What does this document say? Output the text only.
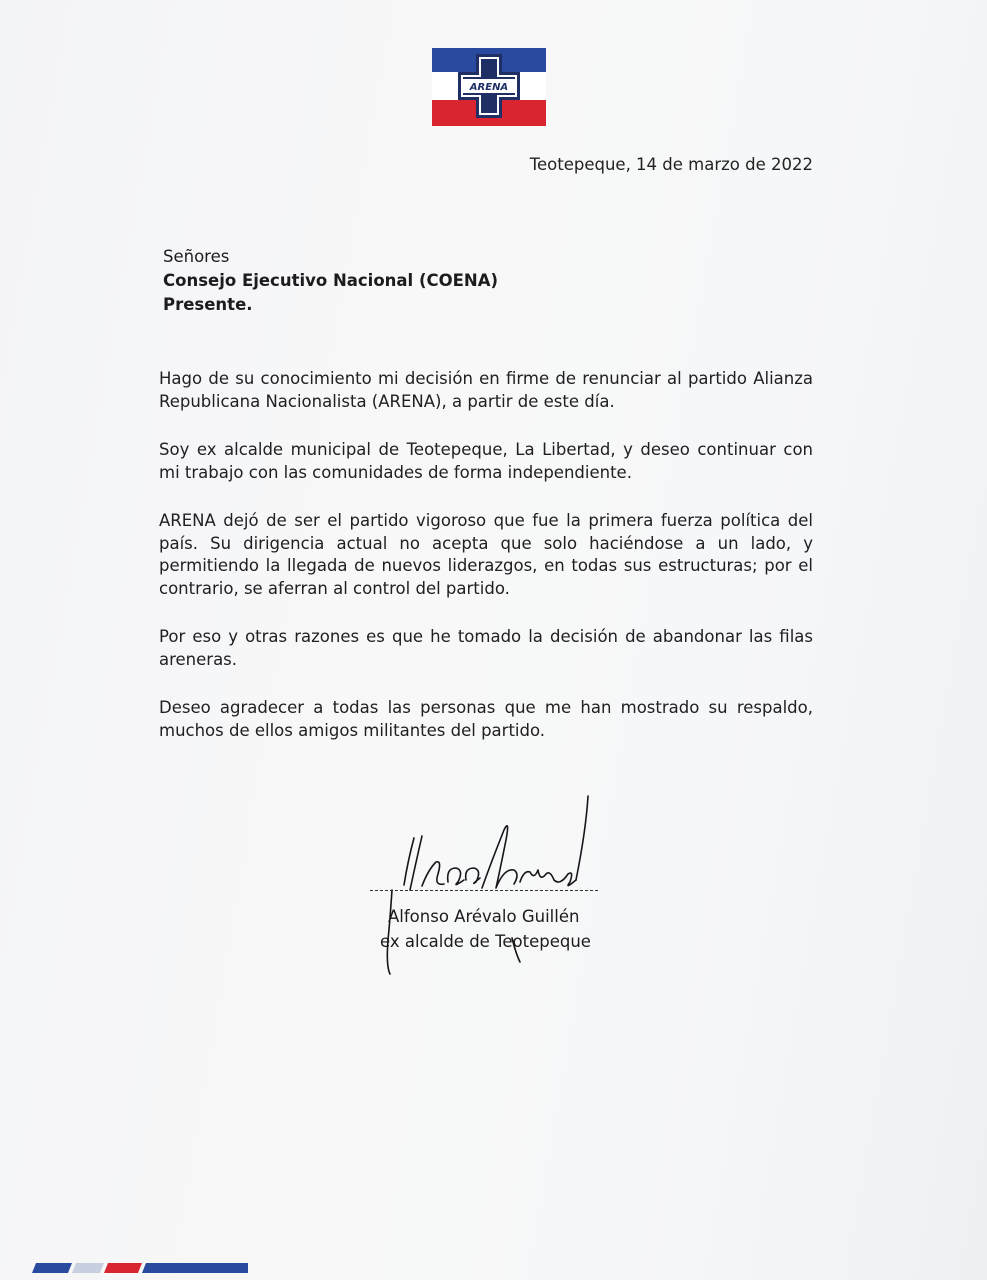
ARENA
Teotepeque, 14 de marzo de 2022
Señores
Consejo Ejecutivo Nacional (COENA)
Presente.

Hago de su conocimiento mi decisión en firme de renunciar al partido Alianza Republicana Nacionalista (ARENA), a partir de este día.

Soy ex alcalde municipal de Teotepeque, La Libertad, y deseo continuar con mi trabajo con las comunidades de forma independiente.

ARENA dejó de ser el partido vigoroso que fue la primera fuerza política del país. Su dirigencia actual no acepta que solo haciéndose a un lado, y permitiendo la llegada de nuevos liderazgos, en todas sus estructuras; por el contrario, se aferran al control del partido.

Por eso y otras razones es que he tomado la decisión de abandonar las filas areneras.

Deseo agradecer a todas las personas que me han mostrado su respaldo, muchos de ellos amigos militantes del partido.

Alfonso Arévalo Guillén
ex alcalde de Teotepeque
